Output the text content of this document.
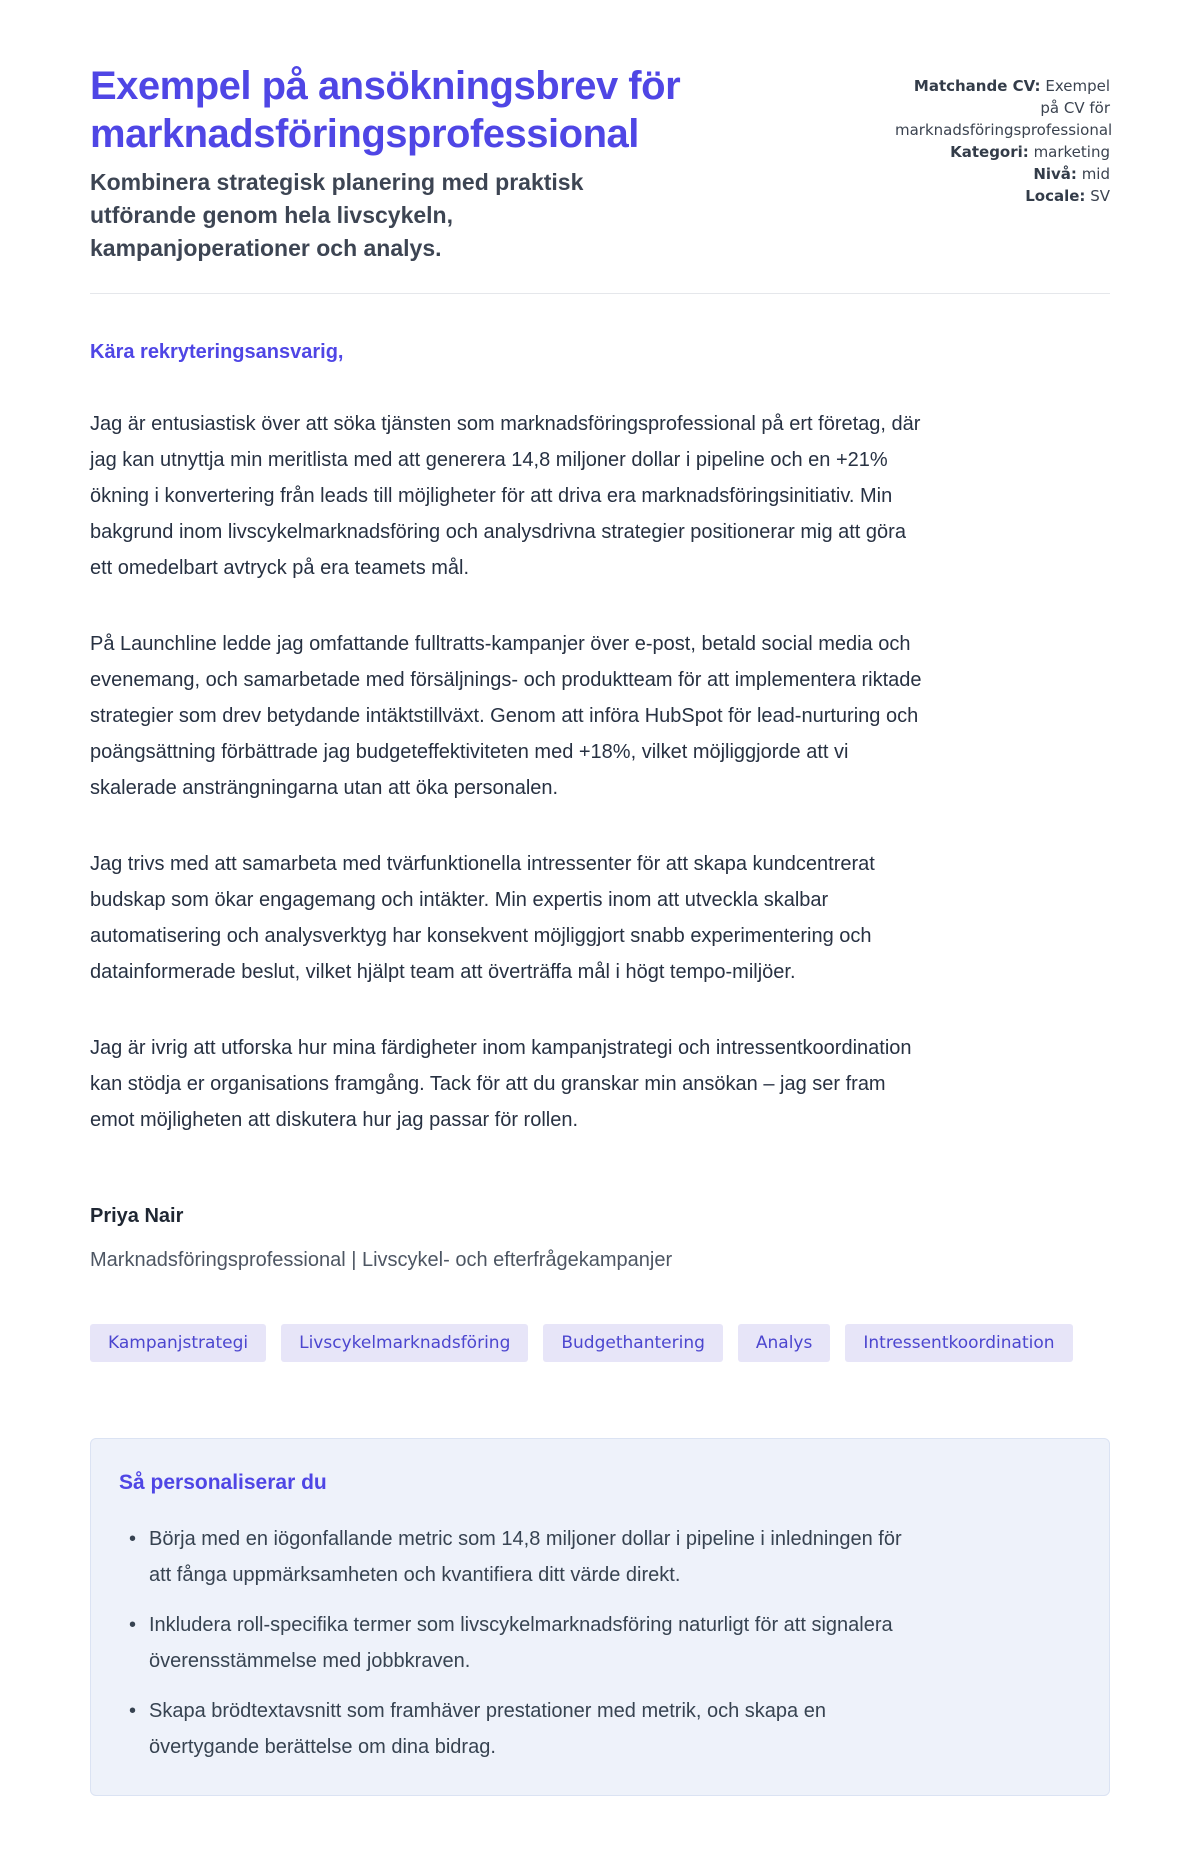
Exempel på ansökningsbrev för marknadsföringsprofessional

Kombinera strategisk planering med praktisk utförande genom hela livscykeln, kampanjoperationer och analys.

Matchande CV: Exempel på CV för marknadsföringsprofessional
Kategori: marketing
Nivå: mid
Locale: SV

Kära rekryteringsansvarig,

Jag är entusiastisk över att söka tjänsten som marknadsföringsprofessional på ert företag, där jag kan utnyttja min meritlista med att generera 14,8 miljoner dollar i pipeline och en +21% ökning i konvertering från leads till möjligheter för att driva era marknadsföringsinitiativ. Min bakgrund inom livscykelmarknadsföring och analysdrivna strategier positionerar mig att göra ett omedelbart avtryck på era teamets mål.

På Launchline ledde jag omfattande fulltratts-kampanjer över e-post, betald social media och evenemang, och samarbetade med försäljnings- och produktteam för att implementera riktade strategier som drev betydande intäktstillväxt. Genom att införa HubSpot för lead-nurturing och poängsättning förbättrade jag budgeteffektiviteten med +18%, vilket möjliggjorde att vi skalerade ansträngningarna utan att öka personalen.

Jag trivs med att samarbeta med tvärfunktionella intressenter för att skapa kundcentrerat budskap som ökar engagemang och intäkter. Min expertis inom att utveckla skalbar automatisering och analysverktyg har konsekvent möjliggjort snabb experimentering och datainformerade beslut, vilket hjälpt team att överträffa mål i högt tempo-miljöer.

Jag är ivrig att utforska hur mina färdigheter inom kampanjstrategi och intressentkoordination kan stödja er organisations framgång. Tack för att du granskar min ansökan – jag ser fram emot möjligheten att diskutera hur jag passar för rollen.

Priya Nair

Marknadsföringsprofessional | Livscykel- och efterfrågekampanjer

Kampanjstrategi	Livscykelmarknadsföring	Budgethantering	Analys	Intressentkoordination
Så personaliserar du
• Börja med en iögonfallande metric som 14,8 miljoner dollar i pipeline i inledningen för att fånga uppmärksamheten och kvantifiera ditt värde direkt.
• Inkludera roll-specifika termer som livscykelmarknadsföring naturligt för att signalera överensstämmelse med jobbkraven.
• Skapa brödtextavsnitt som framhäver prestationer med metrik, och skapa en övertygande berättelse om dina bidrag.
